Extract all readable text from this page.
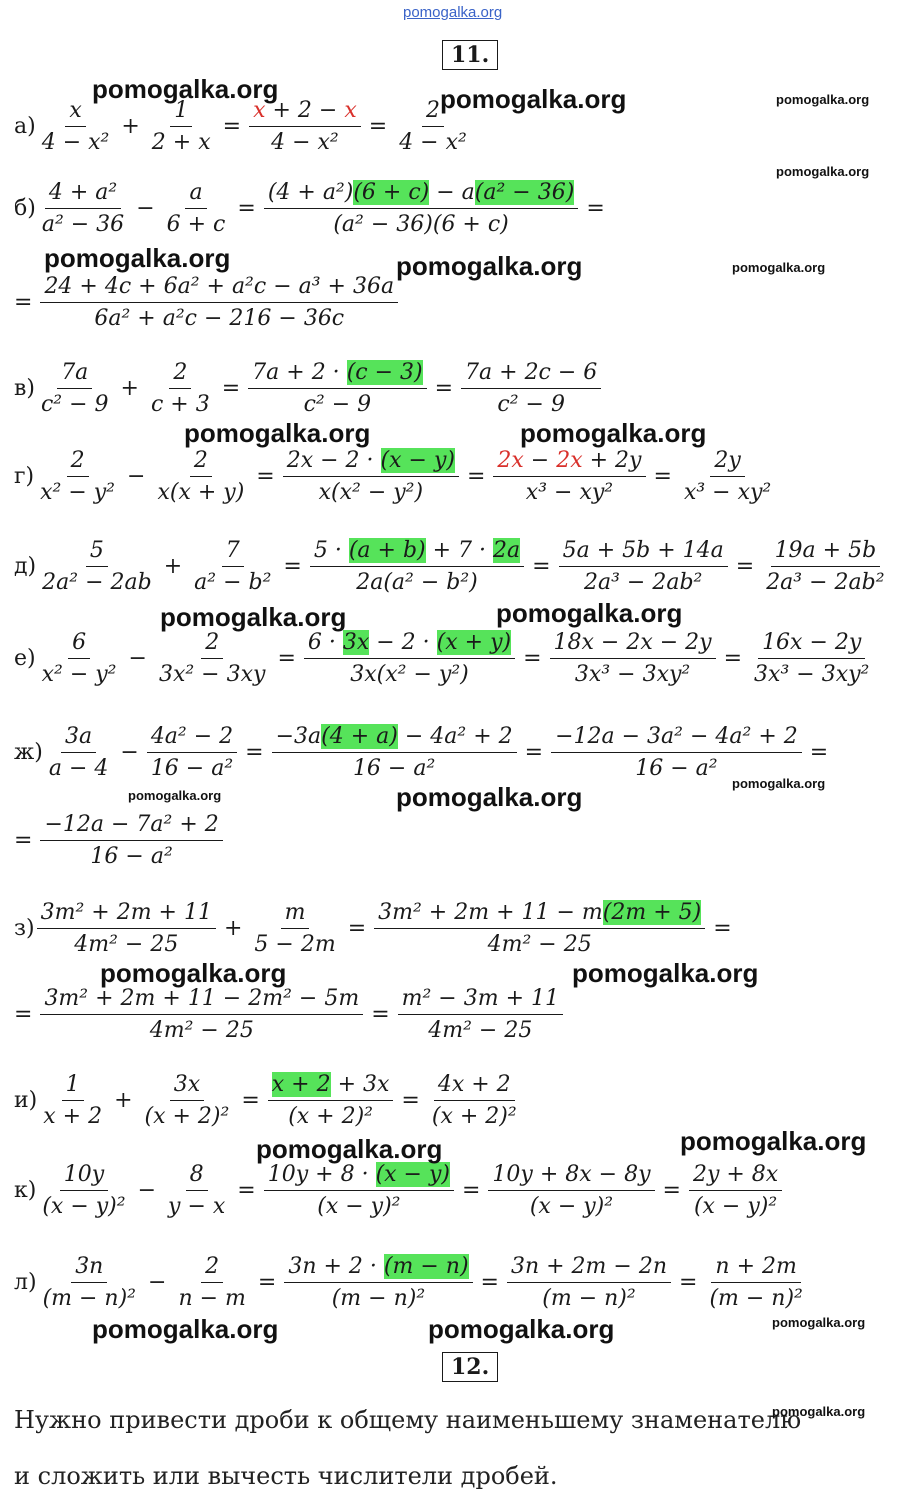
pomogalka.org
11.
$а) \frac{x}{\text{4 − x²}} + \frac{1}{2 + x} = \frac{x + 2 - x}{\text{4 − x²}} = \frac{2}{\text{4 − x²}}$
$б) \frac{\text{4 + a²}}{\text{a² − 36}} - \frac{a}{6 + c} = \frac{\text{(4 + a²)(6 + c) − a(a² − 36)}}{\text{(a² − 36)(6 + c)}}$ =
= $\frac{\text{24 + 4c + 6a² + a²c − a³ + 36a}}{\text{6a² + a²c − 216 − 36c}}$
$в) \frac{7a}{\text{c² − 9}} + \frac{2}{c + 3} = \frac{7a + 2 \cdot (c - 3)}{\text{c² − 9}} = \frac{7a + 2c - 6}{\text{c² − 9}}$
$г) \frac{2}{\text{x² − y²}} - \frac{2}{x(x + y)} = \frac{2x - 2 \cdot (x - y)}{\text{x(x² − y²)}} = \frac{2x - 2x + 2y}{\text{x³ − xy²}} = \frac{2y}{\text{x³ − xy²}}$
$д) \frac{5}{\text{2a² − 2ab}} + \frac{7}{\text{a² − b²}} = \frac{5 \cdot (a + b) + 7 \cdot 2a}{\text{2a(a² − b²)}} = \frac{5a + 5b + 14a}{\text{2a³ − 2ab²}} = \frac{19a + 5b}{\text{2a³ − 2ab²}}$
$е) \frac{6}{\text{x² − y²}} - \frac{2}{\text{3x² − 3xy}} = \frac{6 \cdot 3x - 2 \cdot (x + y)}{\text{3x(x² − y²)}} = \frac{18x - 2x - 2y}{\text{3x³ − 3xy²}} = \frac{16x - 2y}{\text{3x³ − 3xy²}}$
$ж) \frac{3a}{a - 4} - \frac{\text{4a² − 2}}{\text{16 − a²}} = \frac{\text{−3a(4 + a) − 4a² + 2}}{\text{16 − a²}} = \frac{\text{−12a − 3a² − 4a² + 2}}{\text{16 − a²}}$ =
= $\frac{\text{−12a − 7a² + 2}}{\text{16 − a²}}$
$з) \frac{\text{3m² + 2m + 11}}{\text{4m² − 25}} + \frac{m}{5 - 2m} = \frac{\text{3m² + 2m + 11 − m(2m + 5)}}{\text{4m² − 25}}$ =
= $\frac{\text{3m² + 2m + 11 − 2m² − 5m}}{\text{4m² − 25}} = \frac{\text{m² − 3m + 11}}{\text{4m² − 25}}$
$и) \frac{1}{x + 2} + \frac{3x}{\text{(x + 2)²}} = \frac{x + 2 + 3x}{\text{(x + 2)²}} = \frac{4x + 2}{\text{(x + 2)²}}$
$к) \frac{10y}{\text{(x − y)²}} - \frac{8}{y - x} = \frac{10y + 8 \cdot (x - y)}{\text{(x − y)²}} = \frac{10y + 8x - 8y}{\text{(x − y)²}} = \frac{2y + 8x}{\text{(x − y)²}}$
$л) \frac{3n}{\text{(m − n)²}} - \frac{2}{n - m} = \frac{3n + 2 \cdot (m - n)}{\text{(m − n)²}} = \frac{3n + 2m - 2n}{\text{(m − n)²}} = \frac{n + 2m}{\text{(m − n)²}}$
12.
Нужно привести дроби к общему наименьшему знаменателю
и сложить или вычесть числители дробей.
pomogalka.org	pomogalka.org
pomogalka.org	pomogalka.org
pomogalka.org	pomogalka.org
pomogalka.org	pomogalka.org
pomogalka.org
pomogalka.org	pomogalka.org
pomogalka.org	pomogalka.org
pomogalka.org	pomogalka.org
pomogalka.org
pomogalka.org
pomogalka.org
pomogalka.org
pomogalka.org
pomogalka.org
pomogalka.org
